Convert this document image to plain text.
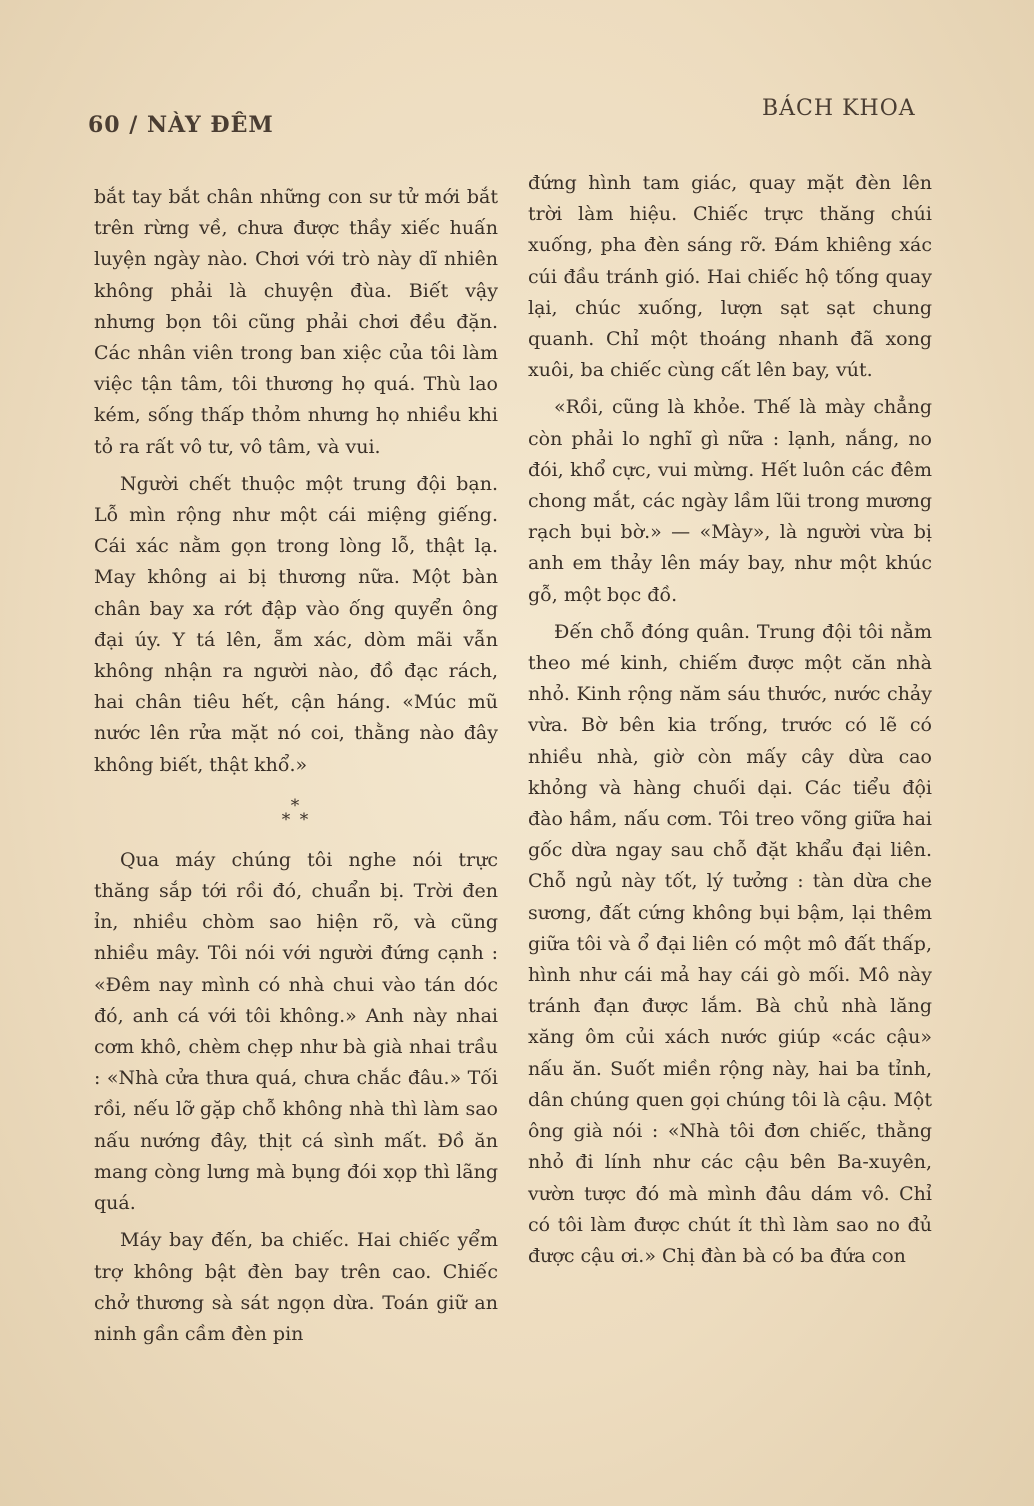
60 / NÀY ĐÊM
BÁCH KHOA

bắt tay bắt chân những con sư tử mới bắt trên rừng về, chưa được thầy xiếc huấn luyện ngày nào. Chơi với trò này dĩ nhiên không phải là chuyện đùa. Biết vậy nhưng bọn tôi cũng phải chơi đều đặn. Các nhân viên trong ban xiệc của tôi làm việc tận tâm, tôi thương họ quá. Thù lao kém, sống thấp thỏm nhưng họ nhiều khi tỏ ra rất vô tư, vô tâm, và vui.

Người chết thuộc một trung đội bạn. Lỗ mìn rộng như một cái miệng giếng. Cái xác nằm gọn trong lòng lỗ, thật lạ. May không ai bị thương nữa. Một bàn chân bay xa rớt đập vào ống quyển ông đại úy. Y tá lên, ẵm xác, dòm mãi vẫn không nhận ra người nào, đồ đạc rách, hai chân tiêu hết, cận háng. «Múc mũ nước lên rửa mặt nó coi, thằng nào đây không biết, thật khổ.»

*
* *

Qua máy chúng tôi nghe nói trực thăng sắp tới rồi đó, chuẩn bị. Trời đen ỉn, nhiều chòm sao hiện rõ, và cũng nhiều mây. Tôi nói với người đứng cạnh : «Đêm nay mình có nhà chui vào tán dóc đó, anh cá với tôi không.» Anh này nhai cơm khô, chèm chẹp như bà già nhai trầu : «Nhà cửa thưa quá, chưa chắc đâu.» Tối rồi, nếu lỡ gặp chỗ không nhà thì làm sao nấu nướng đây, thịt cá sình mất. Đồ ăn mang còng lưng mà bụng đói xọp thì lãng quá.

Máy bay đến, ba chiếc. Hai chiếc yểm trợ không bật đèn bay trên cao. Chiếc chở thương sà sát ngọn dừa. Toán giữ an ninh gần cầm đèn pin

đứng hình tam giác, quay mặt đèn lên trời làm hiệu. Chiếc trực thăng chúi xuống, pha đèn sáng rỡ. Đám khiêng xác cúi đầu tránh gió. Hai chiếc hộ tống quay lại, chúc xuống, lượn sạt sạt chung quanh. Chỉ một thoáng nhanh đã xong xuôi, ba chiếc cùng cất lên bay, vút.

«Rồi, cũng là khỏe. Thế là mày chẳng còn phải lo nghĩ gì nữa : lạnh, nắng, no đói, khổ cực, vui mừng. Hết luôn các đêm chong mắt, các ngày lầm lũi trong mương rạch bụi bờ.» — «Mày», là người vừa bị anh em thảy lên máy bay, như một khúc gỗ, một bọc đồ.

Đến chỗ đóng quân. Trung đội tôi nằm theo mé kinh, chiếm được một căn nhà nhỏ. Kinh rộng năm sáu thước, nước chảy vừa. Bờ bên kia trống, trước có lẽ có nhiều nhà, giờ còn mấy cây dừa cao khỏng và hàng chuối dại. Các tiểu đội đào hầm, nấu cơm. Tôi treo võng giữa hai gốc dừa ngay sau chỗ đặt khẩu đại liên. Chỗ ngủ này tốt, lý tưởng : tàn dừa che sương, đất cứng không bụi bậm, lại thêm giữa tôi và ổ đại liên có một mô đất thấp, hình như cái mả hay cái gò mối. Mô này tránh đạn được lắm. Bà chủ nhà lăng xăng ôm củi xách nước giúp «các cậu» nấu ăn. Suốt miền rộng này, hai ba tỉnh, dân chúng quen gọi chúng tôi là cậu. Một ông già nói : «Nhà tôi đơn chiếc, thằng nhỏ đi lính như các cậu bên Ba-xuyên, vườn tược đó mà mình đâu dám vô. Chỉ có tôi làm được chút ít thì làm sao no đủ được cậu ơi.» Chị đàn bà có ba đứa con
